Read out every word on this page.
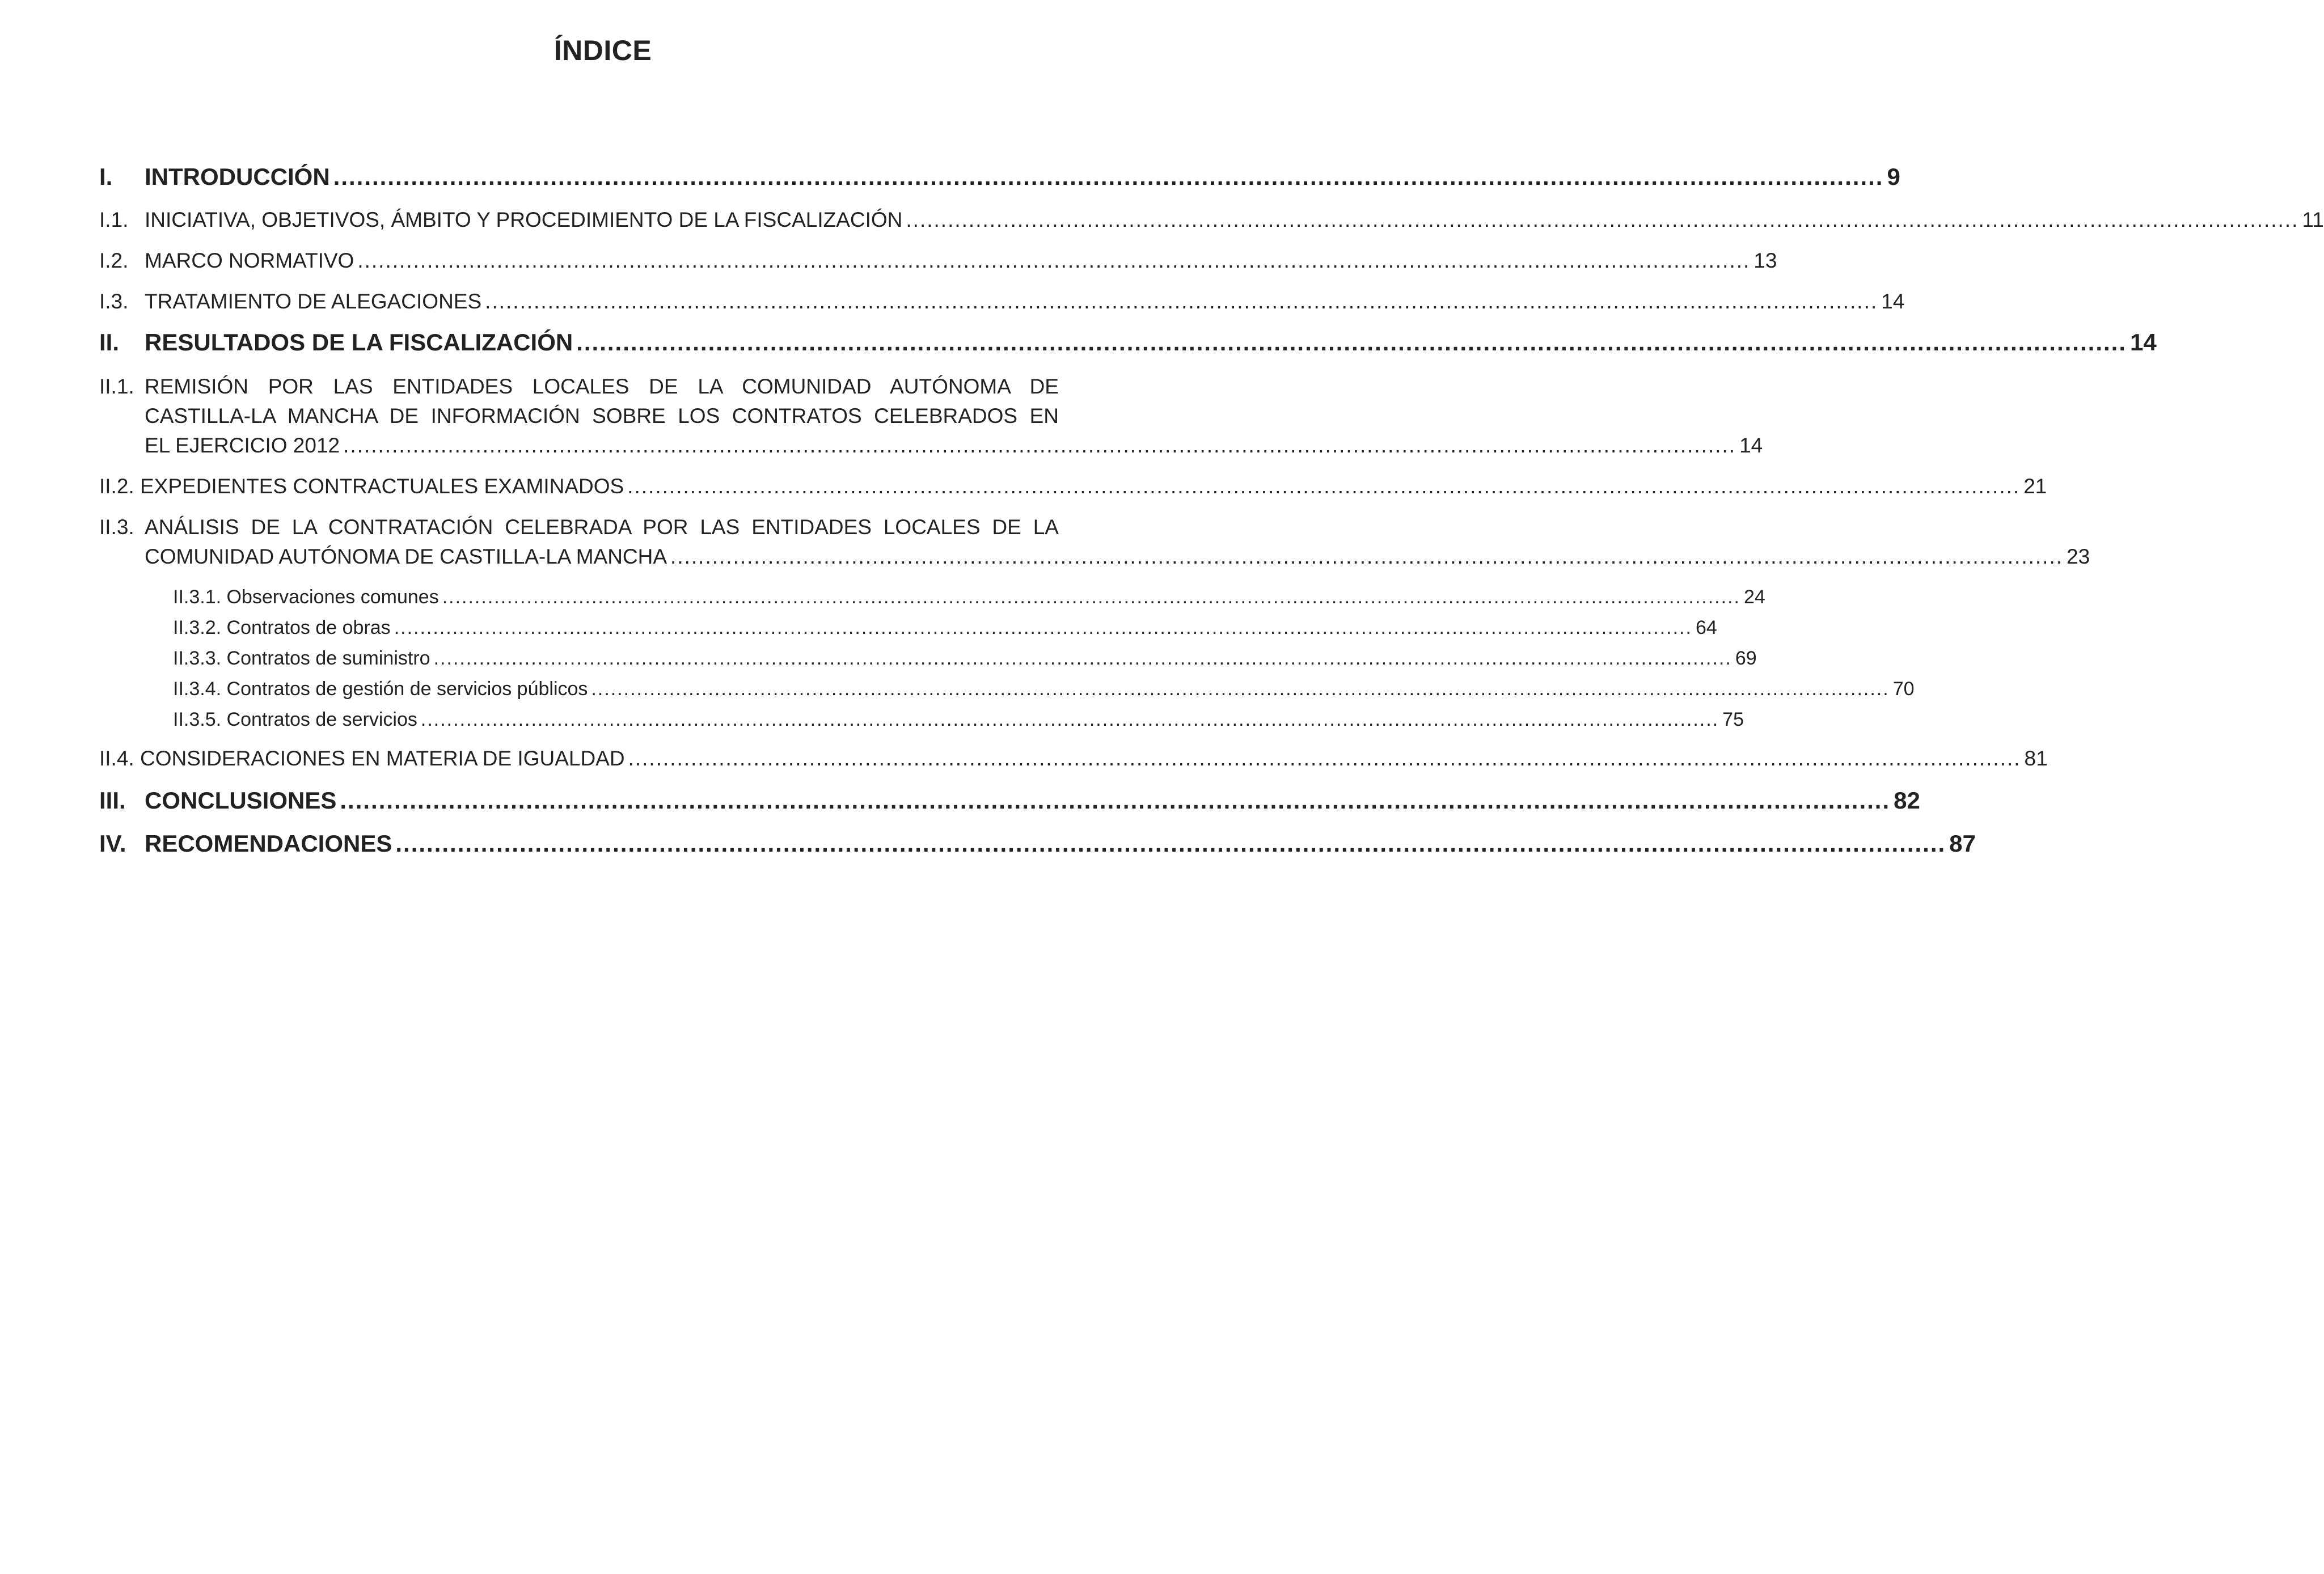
ÍNDICE
I. INTRODUCCIÓN ........................................................................................................................................................................................................ 9
I.1. INICIATIVA, OBJETIVOS, ÁMBITO Y PROCEDIMIENTO DE LA FISCALIZACIÓN ........................................................................................................................................................................................................ 11
I.2. MARCO NORMATIVO ........................................................................................................................................................................................................ 13
I.3. TRATAMIENTO DE ALEGACIONES ........................................................................................................................................................................................................ 14
II. RESULTADOS DE LA FISCALIZACIÓN ........................................................................................................................................................................................................ 14
II.1. REMISIÓN POR LAS ENTIDADES LOCALES DE LA COMUNIDAD AUTÓNOMA DE
CASTILLA-LA MANCHA DE INFORMACIÓN SOBRE LOS CONTRATOS CELEBRADOS EN
EL EJERCICIO 2012 ........................................................................................................................................................................................................ 14
II.2. EXPEDIENTES CONTRACTUALES EXAMINADOS ........................................................................................................................................................................................................ 21
II.3. ANÁLISIS DE LA CONTRATACIÓN CELEBRADA POR LAS ENTIDADES LOCALES DE LA
COMUNIDAD AUTÓNOMA DE CASTILLA-LA MANCHA ........................................................................................................................................................................................................ 23
II.3.1. Observaciones comunes ........................................................................................................................................................................................................ 24
II.3.2. Contratos de obras ........................................................................................................................................................................................................ 64
II.3.3. Contratos de suministro ........................................................................................................................................................................................................ 69
II.3.4. Contratos de gestión de servicios públicos ........................................................................................................................................................................................................ 70
II.3.5. Contratos de servicios ........................................................................................................................................................................................................ 75
II.4. CONSIDERACIONES EN MATERIA DE IGUALDAD ........................................................................................................................................................................................................ 81
III. CONCLUSIONES ........................................................................................................................................................................................................ 82
IV. RECOMENDACIONES ........................................................................................................................................................................................................ 87
